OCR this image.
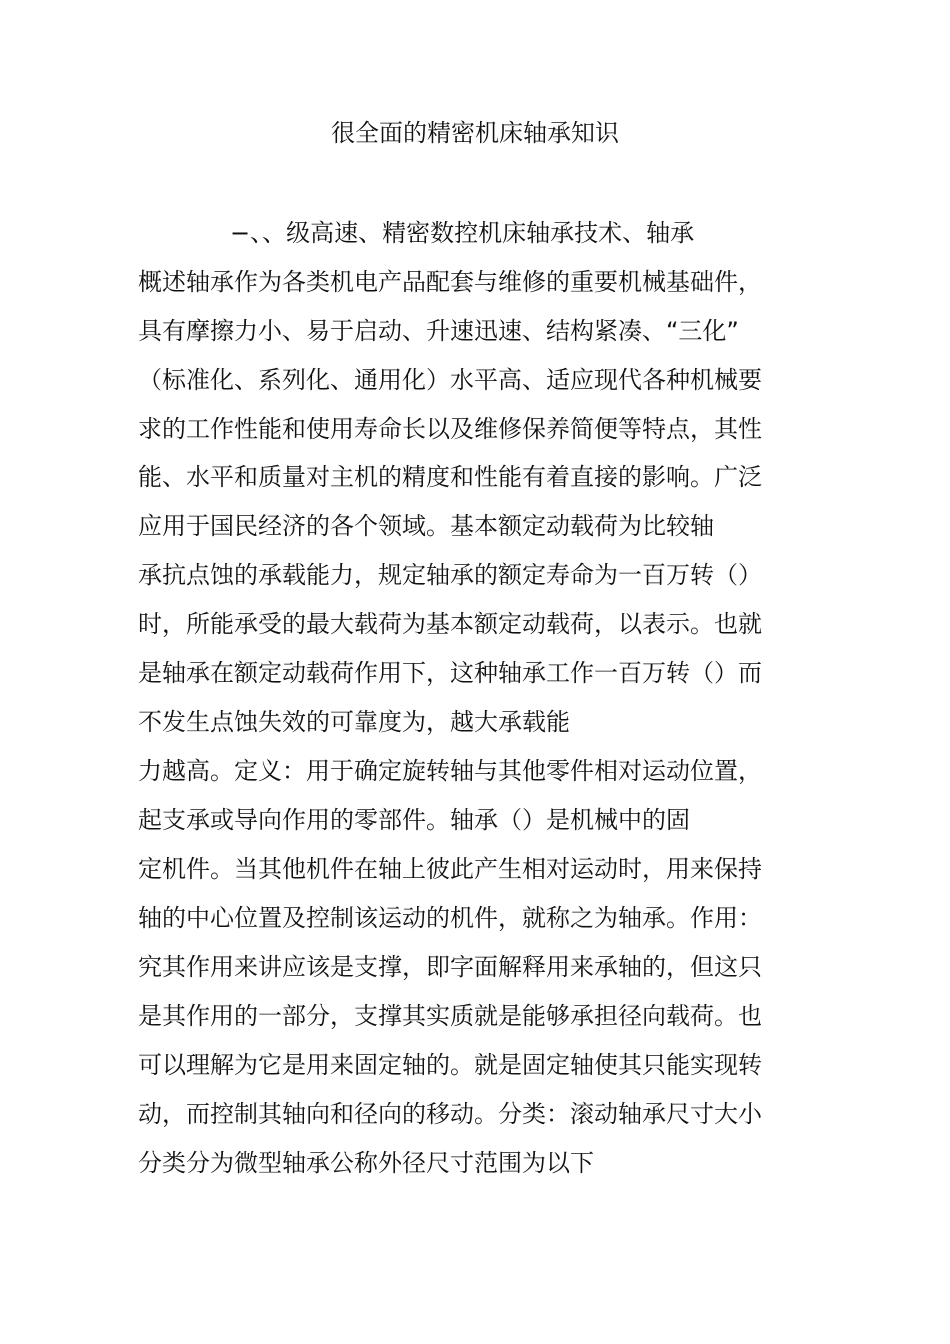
很全面的精密机床轴承知识
−、、级高速、精密数控机床轴承技术、轴承
概述轴承作为各类机电产品配套与维修的重要机械基础件，
具有摩擦力小、易于启动、升速迅速、结构紧凑、“三化”
（标准化、系列化、通用化）水平高、适应现代各种机械要
求的工作性能和使用寿命长以及维修保养简便等特点，其性
能、水平和质量对主机的精度和性能有着直接的影响。广泛
应用于国民经济的各个领域。基本额定动载荷为比较轴
承抗点蚀的承载能力，规定轴承的额定寿命为一百万转（）
时，所能承受的最大载荷为基本额定动载荷，以表示。也就
是轴承在额定动载荷作用下，这种轴承工作一百万转（）而
不发生点蚀失效的可靠度为，越大承载能
力越高。定义：用于确定旋转轴与其他零件相对运动位置，
起支承或导向作用的零部件。轴承（）是机械中的固
定机件。当其他机件在轴上彼此产生相对运动时，用来保持
轴的中心位置及控制该运动的机件，就称之为轴承。作用：
究其作用来讲应该是支撑，即字面解释用来承轴的，但这只
是其作用的一部分，支撑其实质就是能够承担径向载荷。也
可以理解为它是用来固定轴的。就是固定轴使其只能实现转
动，而控制其轴向和径向的移动。分类：滚动轴承尺寸大小
分类分为微型轴承公称外径尺寸范围为以下
